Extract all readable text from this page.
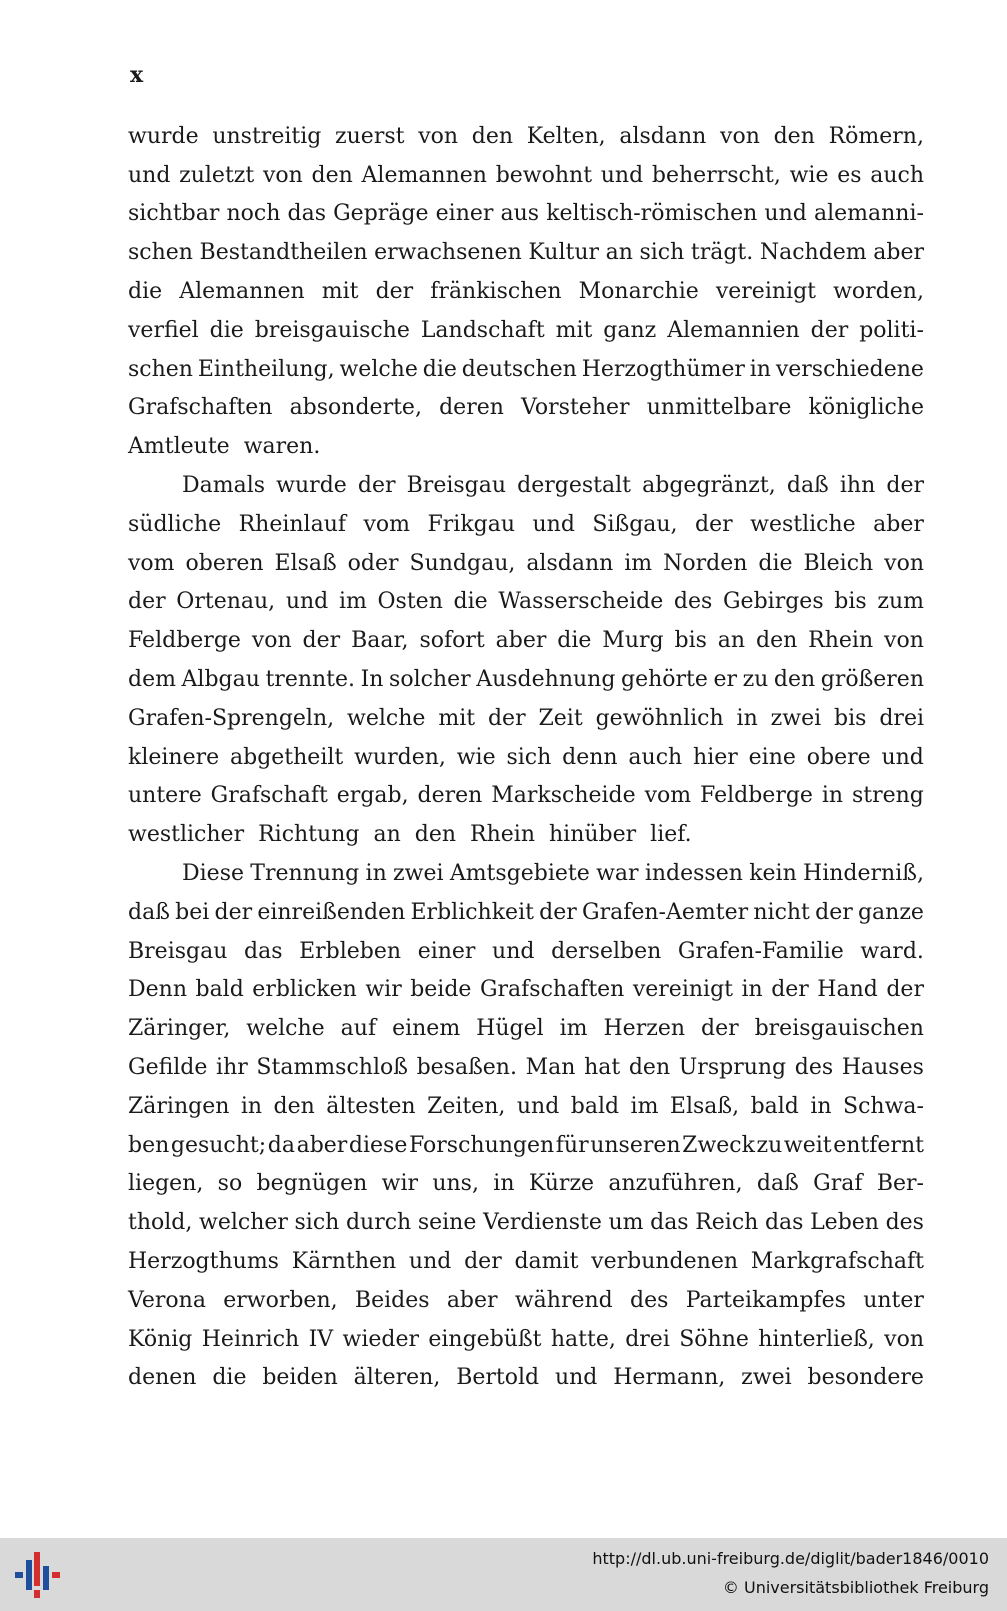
x
wurde unstreitig zuerst von den Kelten, alsdann von den Römern,
und zuletzt von den Alemannen bewohnt und beherrscht, wie es auch
sichtbar noch das Gepräge einer aus keltisch-römischen und alemanni-
schen Bestandtheilen erwachsenen Kultur an sich trägt. Nachdem aber
die Alemannen mit der fränkischen Monarchie vereinigt worden,
verfiel die breisgauische Landschaft mit ganz Alemannien der politi-
schen Eintheilung, welche die deutschen Herzogthümer in verschiedene
Grafschaften absonderte, deren Vorsteher unmittelbare königliche
Amtleute waren.
Damals wurde der Breisgau dergestalt abgegränzt, daß ihn der
südliche Rheinlauf vom Frikgau und Sißgau, der westliche aber
vom oberen Elsaß oder Sundgau, alsdann im Norden die Bleich von
der Ortenau, und im Osten die Wasserscheide des Gebirges bis zum
Feldberge von der Baar, sofort aber die Murg bis an den Rhein von
dem Albgau trennte. In solcher Ausdehnung gehörte er zu den größeren
Grafen-Sprengeln, welche mit der Zeit gewöhnlich in zwei bis drei
kleinere abgetheilt wurden, wie sich denn auch hier eine obere und
untere Grafschaft ergab, deren Markscheide vom Feldberge in streng
westlicher Richtung an den Rhein hinüber lief.
Diese Trennung in zwei Amtsgebiete war indessen kein Hinderniß,
daß bei der einreißenden Erblichkeit der Grafen-Aemter nicht der ganze
Breisgau das Erbleben einer und derselben Grafen-Familie ward.
Denn bald erblicken wir beide Grafschaften vereinigt in der Hand der
Zäringer, welche auf einem Hügel im Herzen der breisgauischen
Gefilde ihr Stammschloß besaßen. Man hat den Ursprung des Hauses
Zäringen in den ältesten Zeiten, und bald im Elsaß, bald in Schwa-
ben gesucht; da aber diese Forschungen für unseren Zweck zu weit entfernt
liegen, so begnügen wir uns, in Kürze anzuführen, daß Graf Ber-
thold, welcher sich durch seine Verdienste um das Reich das Leben des
Herzogthums Kärnthen und der damit verbundenen Markgrafschaft
Verona erworben, Beides aber während des Parteikampfes unter
König Heinrich IV wieder eingebüßt hatte, drei Söhne hinterließ, von
denen die beiden älteren, Bertold und Hermann, zwei besondere
http://dl.ub.uni-freiburg.de/diglit/bader1846/0010
© Universitätsbibliothek Freiburg
